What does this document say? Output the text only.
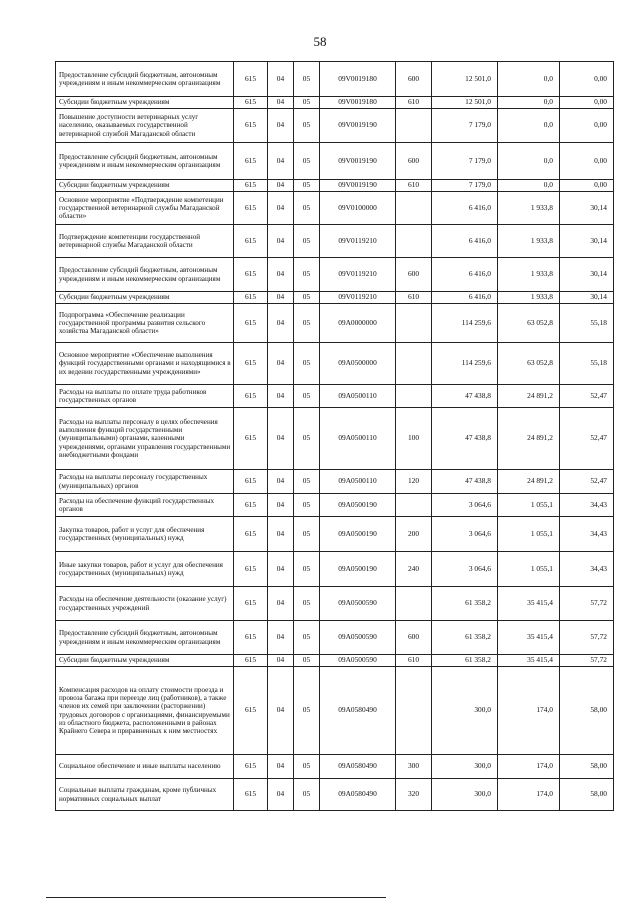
58
Предоставление субсидий бюджетным, автономным учреждениям и иным некоммерческим организациям	615	04	05	09V0019180	600	12 501,0	0,0	0,00
Субсидии бюджетным учреждениям	615	04	05	09V0019180	610	12 501,0	0,0	0,00
Повышение доступности ветеринарных услуг населению, оказываемых государственной ветеринарной службой Магаданской области	615	04	05	09V0019190		7 179,0	0,0	0,00
Предоставление субсидий бюджетным, автономным учреждениям и иным некоммерческим организациям	615	04	05	09V0019190	600	7 179,0	0,0	0,00
Субсидии бюджетным учреждениям	615	04	05	09V0019190	610	7 179,0	0,0	0,00
Основное мероприятие «Подтверждение компетенции государственной ветеринарной службы Магаданской области»	615	04	05	09V0100000		6 416,0	1 933,8	30,14
Подтверждение компетенции государственной ветеринарной службы Магаданской области	615	04	05	09V0119210		6 416,0	1 933,8	30,14
Предоставление субсидий бюджетным, автономным учреждениям и иным некоммерческим организациям	615	04	05	09V0119210	600	6 416,0	1 933,8	30,14
Субсидии бюджетным учреждениям	615	04	05	09V0119210	610	6 416,0	1 933,8	30,14
Подпрограмма «Обеспечение реализации государственной программы развития сельского хозяйства Магаданской области»	615	04	05	09A0000000		114 259,6	63 052,8	55,18
Основное мероприятие «Обеспечение выполнения функций государственными органами и находящимися в их ведении государственными учреждениями»	615	04	05	09A0500000		114 259,6	63 052,8	55,18
Расходы на выплаты по оплате труда работников государственных органов	615	04	05	09A0500110		47 438,8	24 891,2	52,47
Расходы на выплаты персоналу в целях обеспечения выполнения функций государственными (муниципальными) органами, казенными учреждениями, органами управления государственными внебюджетными фондами	615	04	05	09A0500110	100	47 438,8	24 891,2	52,47
Расходы на выплаты персоналу государственных (муниципальных) органов	615	04	05	09A0500110	120	47 438,8	24 891,2	52,47
Расходы на обеспечение функций государственных органов	615	04	05	09A0500190		3 064,6	1 055,1	34,43
Закупка товаров, работ и услуг для обеспечения государственных (муниципальных) нужд	615	04	05	09A0500190	200	3 064,6	1 055,1	34,43
Иные закупки товаров, работ и услуг для обеспечения государственных (муниципальных) нужд	615	04	05	09A0500190	240	3 064,6	1 055,1	34,43
Расходы на обеспечение деятельности (оказание услуг) государственных учреждений	615	04	05	09A0500590		61 358,2	35 415,4	57,72
Предоставление субсидий бюджетным, автономным учреждениям и иным некоммерческим организациям	615	04	05	09A0500590	600	61 358,2	35 415,4	57,72
Субсидии бюджетным учреждениям	615	04	05	09A0500590	610	61 358,2	35 415,4	57,72
Компенсация расходов на оплату стоимости проезда и провоза багажа при переезде лиц (работников), а также членов их семей при заключении (расторжении) трудовых договоров с организациями, финансируемыми из областного бюджета, расположенными в районах Крайнего Севера и приравненных к ним местностях	615	04	05	09A0580490		300,0	174,0	58,00
Социальное обеспечение и иные выплаты населению	615	04	05	09A0580490	300	300,0	174,0	58,00
Социальные выплаты гражданам, кроме публичных нормативных социальных выплат	615	04	05	09A0580490	320	300,0	174,0	58,00
